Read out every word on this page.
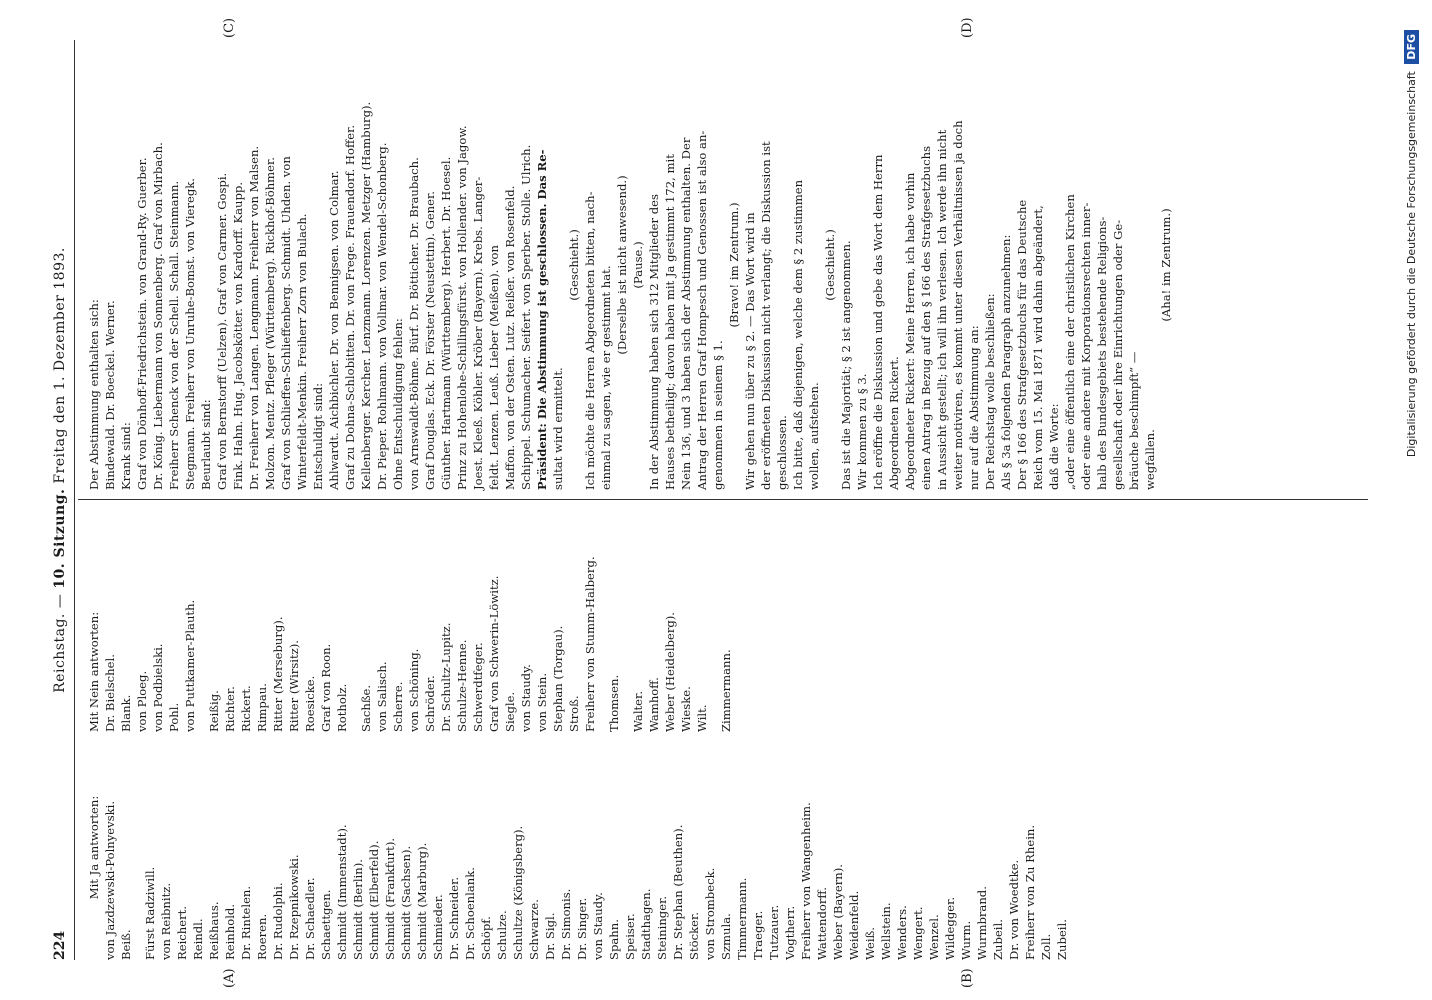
224
Reichstag. — 10. Sitzung. Freitag den 1. Dezember 1893.
(A)	(B)
(C)	(D)
Mit Ja antworten: von Jazdzewski-Polnyevski. Beiß. Fürst Radziwill. von Reibnitz. Reichert. Reindl. Reißhaus. Reinhold. Dr. Rintelen. Roeren. Dr. Rudolphi. Dr. Rzepnikowski. Dr. Schaedler. Schaettgen. Schmidt (Immenstadt). Schmidt (Berlin). Schmidt (Elberfeld). Schmidt (Frankfurt). Schmidt (Sachsen). Schmidt (Marburg). Schmieder. Dr. Schneider. Dr. Schoenlank. Schöpf. Schulze. Schultze (Königsberg). Schwarze. Dr. Sigl. Dr. Simonis. Dr. Singer. von Staudy. Spahn. Speiser. Stadthagen. Steininger. Dr. Stephan (Beuthen). Stöcker. von Strombeck. Szmula. Timmermann. Traeger. Tutzauer. Vogtherr. Freiherr von Wangenheim. Wattendorff. Weber (Bayern). Weidenfeld. Weiß. Wellstein. Wenders. Wengert. Wenzel. Wildegger. Wurm. Wurmbrand. Zubeil. Dr. von Woedtke. Freiherr von Zu Rhein. Zoll. Zubeil.
Mit Nein antworten: Dr. Bielschel. Blank. von Ploeg. von Podbielski. Pohl. von Puttkamer-Plauth. Reißig. Richter. Rickert. Rimpau. Ritter (Merseburg). Ritter (Wirsitz). Roesicke. Graf von Roon. Rotholz. Sachße. von Salisch. Scherre. von Schöning. Schröder. Dr. Schultz-Lupitz. Schulze-Henne. Schwerdtfeger. Graf von Schwerin-Löwitz. Siegle. von Staudy. von Stein. Stephan (Torgau). Stroß. Freiherr von Stumm-Halberg. Thomsen. Walter. Wamhoff. Weber (Heidelberg). Wieske. Wilt. Zimmermann.
Der Abstimmung enthalten sich: Bindewald. Dr. Boeckel. Werner. Krank sind: Graf von Dönhoff-Friedrichstein. von Grand-Ry. Guerber. Dr. König. Liebermann von Sonnenberg. Graf von Mirbach. Freiherr Schenck von der Schell. Schall. Steinmann. Stegmann. Freiherr von Unruhe-Bomst. von Vieregk. Beurlaubt sind: Graf von Bernstorff (Uelzen). Graf von Carmer. Gospi. Fink. Hahn. Hug. Jacobskötter. von Kardorff. Kaupp. Dr. Freiherr von Langen. Lengmann. Freiherr von Malsen. Molzon. Mentz. Pfleger (Württemberg). Rickhof-Böhmer. Graf von Schlieffen-Schlieffenberg. Schmidt. Uhden. von Winterfeldt-Menkin. Freiherr Zorn von Bulach. Entschuldigt sind: Ahlwardt. Aichbichler. Dr. von Bennigsen. von Colmar. Graf zu Dohna-Schlobitten. Dr. von Frege. Frauendorf. Hoffer. Kellenberger. Kercher. Lenzmann. Lorenzen. Metzger (Hamburg). Dr. Pieper. Rohlmann. von Vollmar. von Wendel-Schonberg. Ohne Entschuldigung fehlen: von Arnswaldt-Böhme. Bürf. Dr. Bötticher. Dr. Braubach. Graf Douglas. Eck. Dr. Förster (Neustettin). Gener. Günther. Hartmann (Württemberg). Herbert. Dr. Hoesel. Prinz zu Hohenlohe-Schillingsfürst. von Hollender. von Jagow. Joest. Kleeß. Köhler. Kröber (Bayern). Krebs. Langer- feldt. Lenzen. Leuß. Lieber (Meißen). von Maffon. von der Osten. Lutz. Reißer. von Rosenfeld. Schippel. Schumacher. Seifert. von Sperber. Stolle. Ulrich. Präsident: Die Abstimmung ist geschlossen. Das Re- sultat wird ermittelt.
(Geschieht.) Ich möchte die Herren Abgeordneten bitten, nach- einmal zu sagen, wie er gestimmt hat.
(Derselbe ist nicht anwesend.) (Pause.) In der Abstimmung haben sich 312 Mitglieder des Hauses betheiligt; davon haben mit Ja gestimmt 172, mit Nein 136, und 3 haben sich der Abstimmung enthalten. Der Antrag der Herren Graf Hompesch und Genossen ist also an- genommen in seinem § 1.
(Bravo! im Zentrum.) Wir gehen nun über zu § 2. — Das Wort wird in der eröffneten Diskussion nicht verlangt; die Diskussion ist geschlossen. Ich bitte, daß diejenigen, welche dem § 2 zustimmen wollen, aufstehen.
(Geschieht.) Das ist die Majorität; § 2 ist angenommen. Wir kommen zu § 3. Ich eröffne die Diskussion und gebe das Wort dem Herrn Abgeordneten Rickert. Abgeordneter Rickert: Meine Herren, ich habe vorhin einen Antrag in Bezug auf den § 166 des Strafgesetzbuchs in Aussicht gestellt; ich will ihn verlesen. Ich werde ihn nicht weiter motiviren, es kommt unter diesen Verhältnissen ja doch nur auf die Abstimmung an: Der Reichstag wolle beschließen: Als § 3a folgenden Paragraph anzunehmen: Der § 166 des Strafgesetzbuchs für das Deutsche Reich vom 15. Mai 1871 wird dahin abgeändert, daß die Worte: „oder eine öffentlich eine der christlichen Kirchen oder eine andere mit Korporationsrechten inner- halb des Bundesgebiets bestehende Religions- gesellschaft oder ihre Einrichtungen oder Ge- bräuche beschimpft“ — wegfallen.
(Aha! im Zentrum.)	Digitalisierung gefördert durch die Deutsche Forschungsgemeinschaft DFG
